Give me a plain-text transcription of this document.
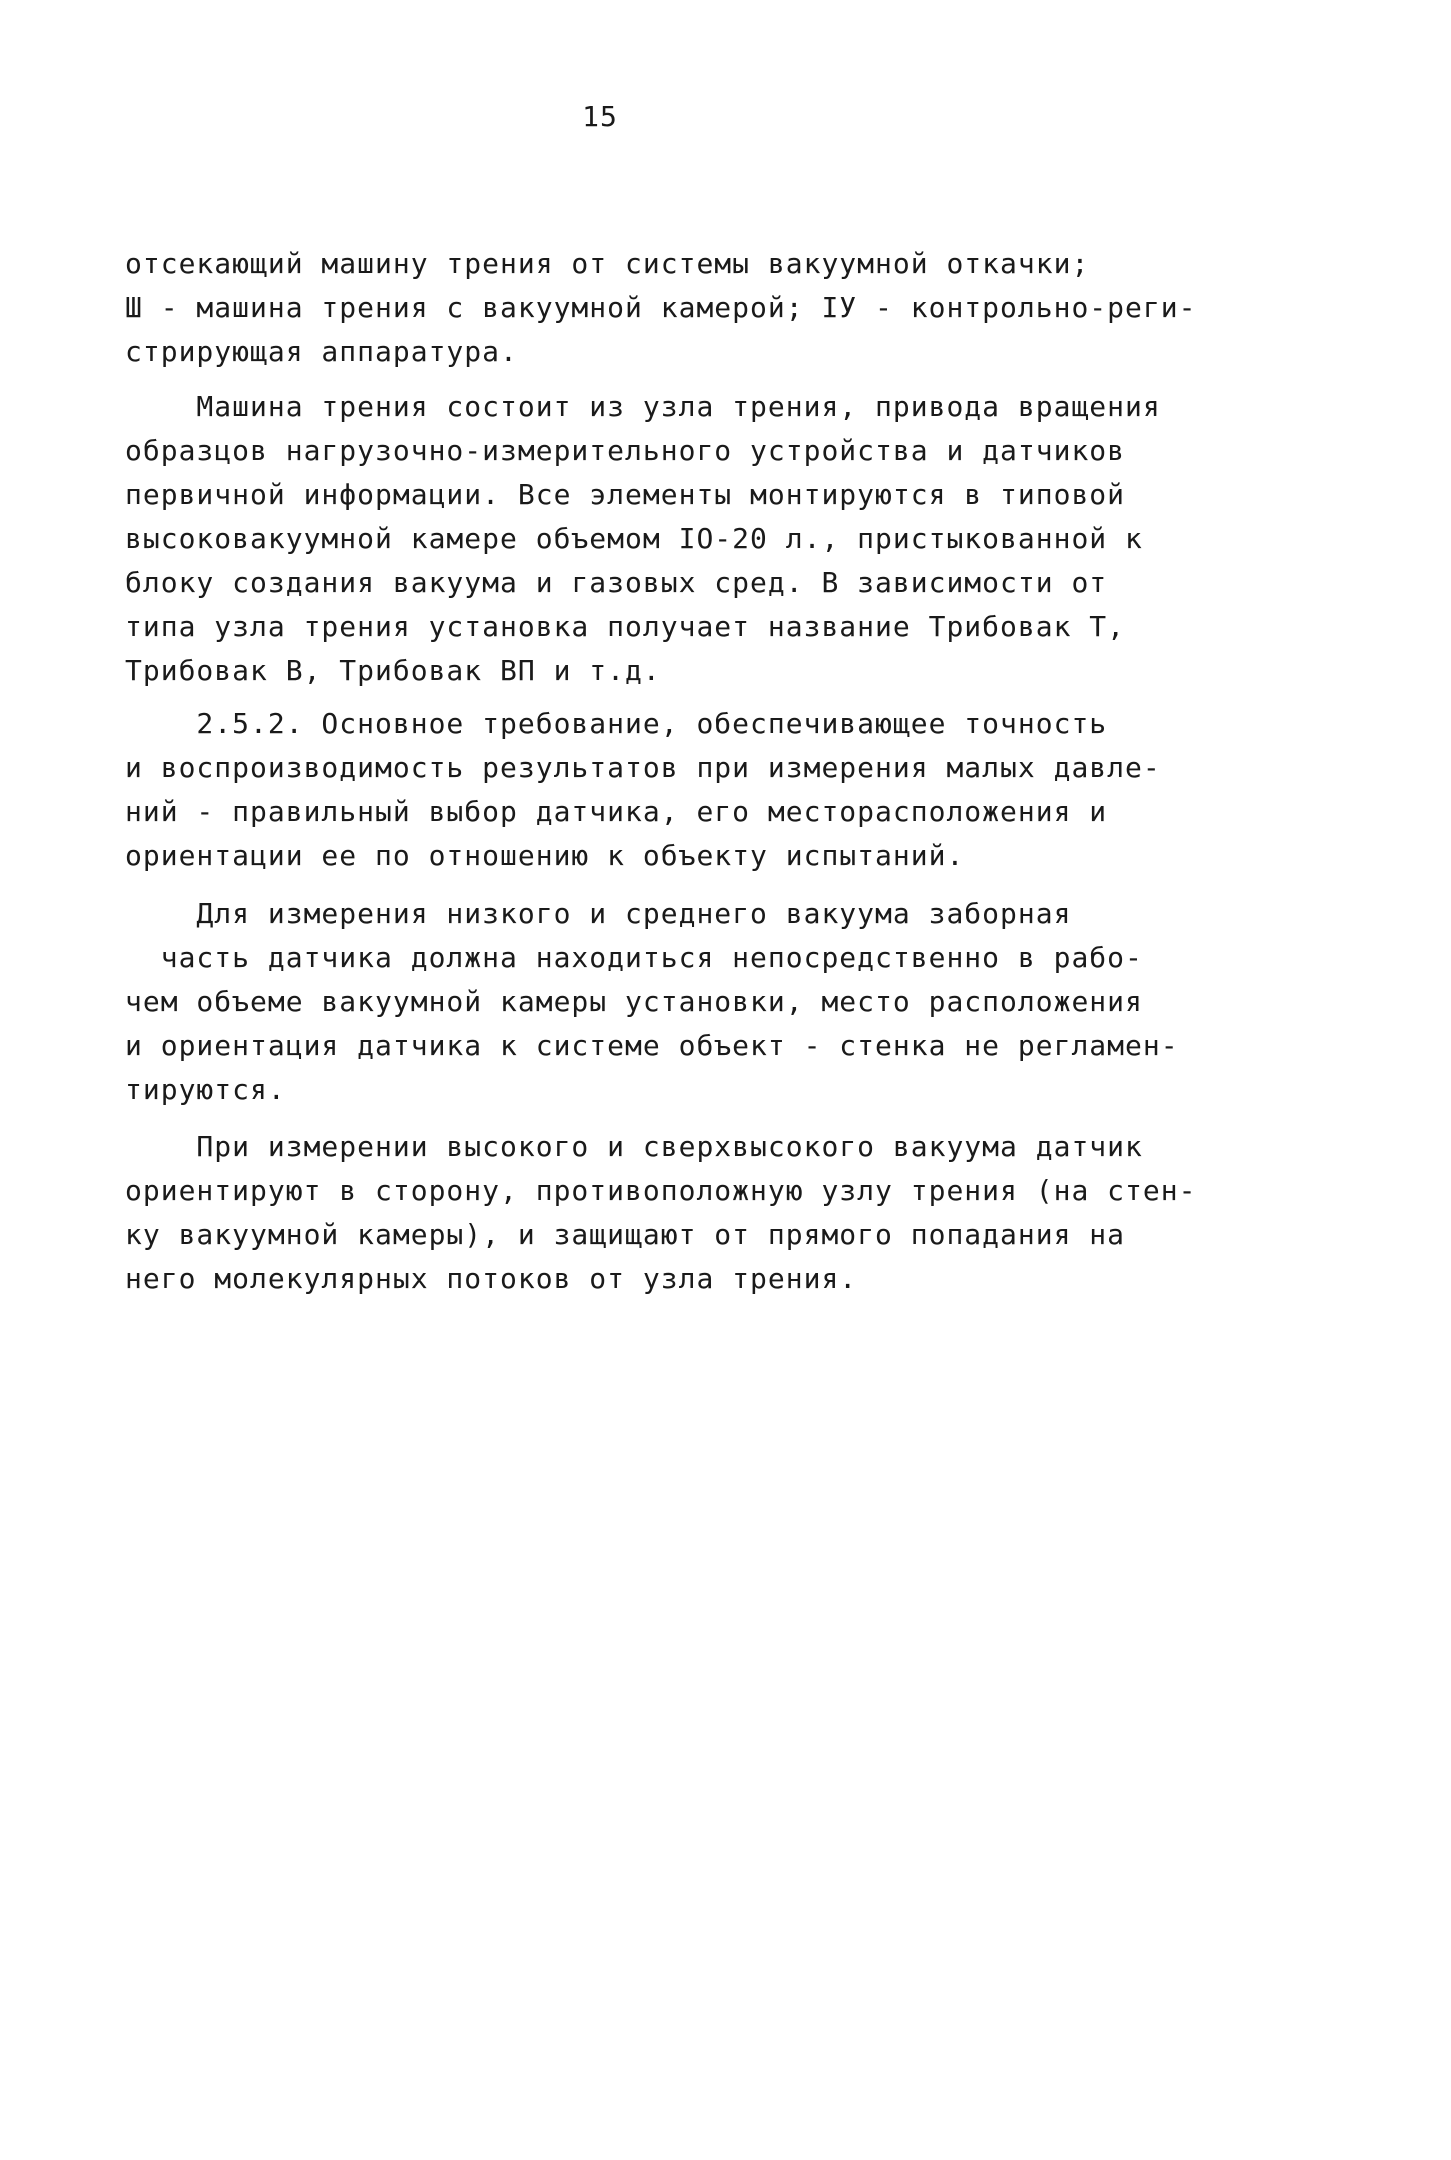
15
отсекающий машину трения от системы вакуумной откачки;
Ш - машина трения с вакуумной камерой; IУ - контрольно-реги-
стрирующая аппаратура.
Машина трения состоит из узла трения, привода вращения
образцов нагрузочно-измерительного устройства и датчиков
первичной информации. Все элементы монтируются в типовой
высоковакуумной камере объемом IO-20 л., пристыкованной к
блоку создания вакуума и газовых сред. В зависимости от
типа узла трения установка получает название Трибовак Т,
Трибовак В, Трибовак ВП и т.д.
2.5.2. Основное требование, обеспечивающее точность
и воспроизводимость результатов при измерения малых давле-
ний - правильный выбор датчика, его месторасположения и
ориентации ее по отношению к объекту испытаний.
Для измерения низкого и среднего вакуума заборная
часть датчика должна находиться непосредственно в рабо-
чем объеме вакуумной камеры установки, место расположения
и ориентация датчика к системе объект - стенка не регламен-
тируются.
При измерении высокого и сверхвысокого вакуума датчик
ориентируют в сторону, противоположную узлу трения (на стен-
ку вакуумной камеры), и защищают от прямого попадания на
него молекулярных потоков от узла трения.
